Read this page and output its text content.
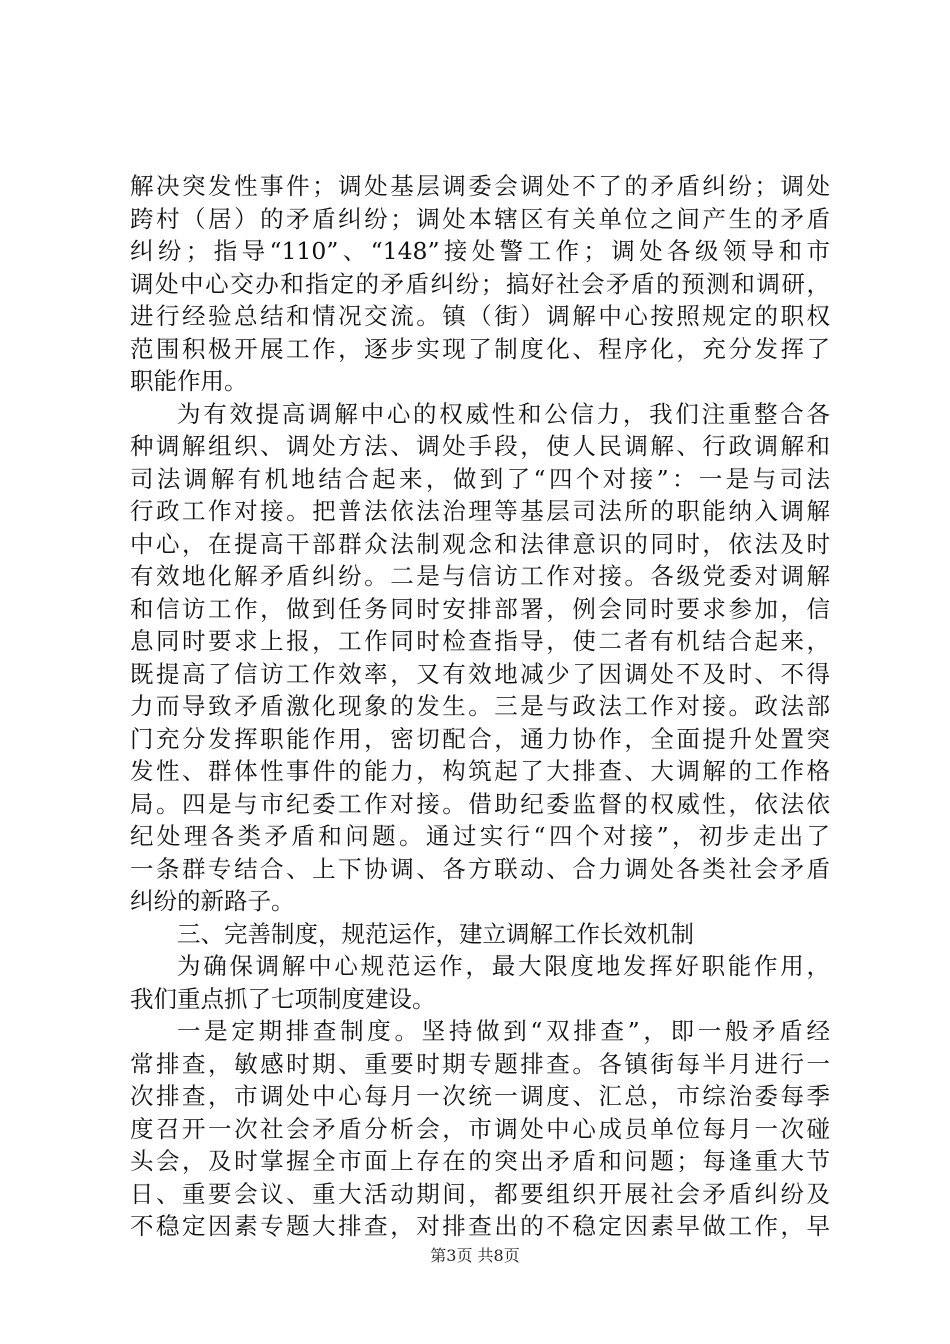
解决突发性事件；调处基层调委会调处不了的矛盾纠纷；调处
跨村（居）的矛盾纠纷；调处本辖区有关单位之间产生的矛盾
纠纷；指导“110”、“148”接处警工作；调处各级领导和市
调处中心交办和指定的矛盾纠纷；搞好社会矛盾的预测和调研，
进行经验总结和情况交流。镇（街）调解中心按照规定的职权
范围积极开展工作，逐步实现了制度化、程序化，充分发挥了
职能作用。
为有效提高调解中心的权威性和公信力，我们注重整合各
种调解组织、调处方法、调处手段，使人民调解、行政调解和
司法调解有机地结合起来，做到了“四个对接”：一是与司法
行政工作对接。把普法依法治理等基层司法所的职能纳入调解
中心，在提高干部群众法制观念和法律意识的同时，依法及时
有效地化解矛盾纠纷。二是与信访工作对接。各级党委对调解
和信访工作，做到任务同时安排部署，例会同时要求参加，信
息同时要求上报，工作同时检查指导，使二者有机结合起来，
既提高了信访工作效率，又有效地减少了因调处不及时、不得
力而导致矛盾激化现象的发生。三是与政法工作对接。政法部
门充分发挥职能作用，密切配合，通力协作，全面提升处置突
发性、群体性事件的能力，构筑起了大排查、大调解的工作格
局。四是与市纪委工作对接。借助纪委监督的权威性，依法依
纪处理各类矛盾和问题。通过实行“四个对接”，初步走出了
一条群专结合、上下协调、各方联动、合力调处各类社会矛盾
纠纷的新路子。
三、完善制度，规范运作，建立调解工作长效机制
为确保调解中心规范运作，最大限度地发挥好职能作用，
我们重点抓了七项制度建设。
一是定期排查制度。坚持做到“双排查”，即一般矛盾经
常排查，敏感时期、重要时期专题排查。各镇街每半月进行一
次排查，市调处中心每月一次统一调度、汇总，市综治委每季
度召开一次社会矛盾分析会，市调处中心成员单位每月一次碰
头会，及时掌握全市面上存在的突出矛盾和问题；每逢重大节
日、重要会议、重大活动期间，都要组织开展社会矛盾纠纷及
不稳定因素专题大排查，对排查出的不稳定因素早做工作，早
第3页 共8页
